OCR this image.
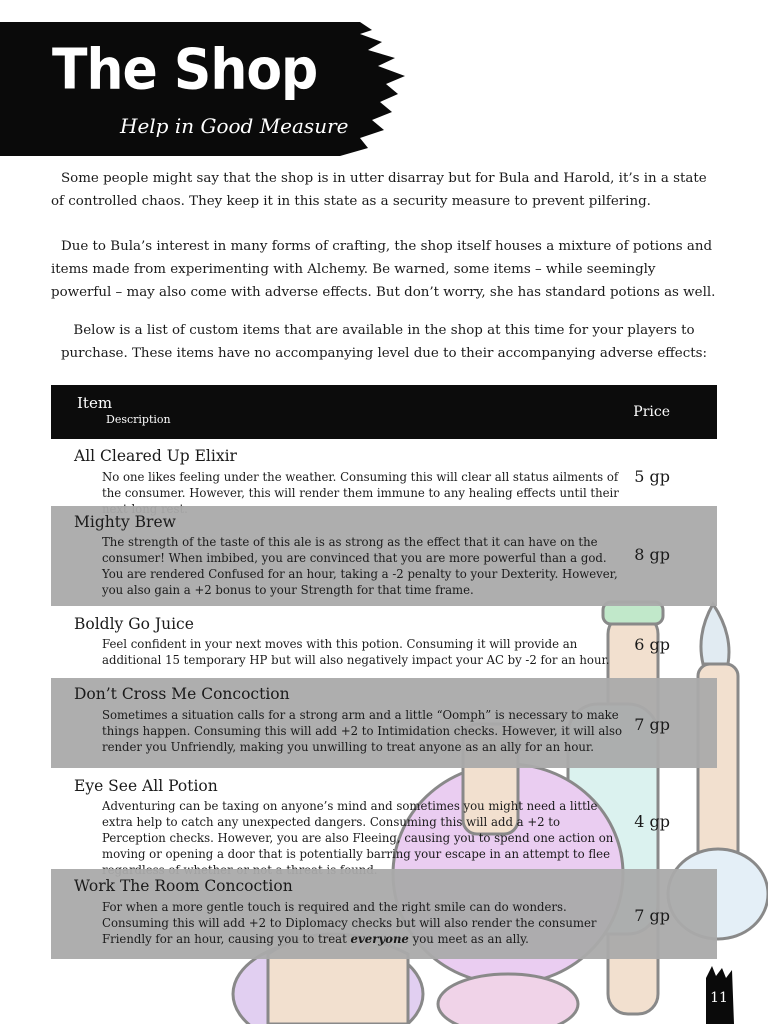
The Shop
Help in Good Measure
Some people might say that the shop is in utter disarray but for Bula and Harold, it’s in a state of controlled chaos. They keep it in this state as a security measure to prevent pilfering.
Due to Bula’s interest in many forms of crafting, the shop itself houses a mixture of potions and items made from experimenting with Alchemy. Be warned, some items – while seemingly powerful – may also come with adverse effects. But don’t worry, she has standard potions as well.
Below is a list of custom items that are available in the shop at this time for your players to purchase. These items have no accompanying level due to their accompanying adverse effects:
Item
Description	Price
All Cleared Up Elixir
No one likes feeling under the weather. Consuming this will clear all status ailments of the consumer. However, this will render them immune to any healing effects until their
5 gp
Mighty Brew
The strength of the taste of this ale is as strong as the effect that it can have on the consumer! When imbibed, you are convinced that you are more powerful than a god. You are rendered Confused for an hour, taking a -2 penalty to your Dexterity. However, you also gain a +2 bonus to your Strength for that time frame.
8 gp
Boldly Go Juice
Feel confident in your next moves with this potion. Consuming it will provide an additional 15 temporary HP but will also negatively impact your AC by -2 for an hour.
6 gp
Don’t Cross Me Concoction
Sometimes a situation calls for a strong arm and a little “Oomph” is necessary to make things happen. Consuming this will add +2 to Intimidation checks. However, it will also render you Unfriendly, making you unwilling to treat anyone as an ally for an hour.
7 gp
Eye See All Potion
Adventuring can be taxing on anyone’s mind and sometimes you might need a little extra help to catch any unexpected dangers. Consuming this will add a +2 to Perception checks. However, you are also Fleeing, causing you to spend one action on moving or opening a door that is potentially barring your escape in an attempt to flee
4 gp
Work The Room Concoction
For when a more gentle touch is required and the right smile can do wonders. Consuming this will add +2 to Diplomacy checks but will also render the consumer Friendly for an hour, causing you to treat everyone you meet as an ally.
7 gp
11
